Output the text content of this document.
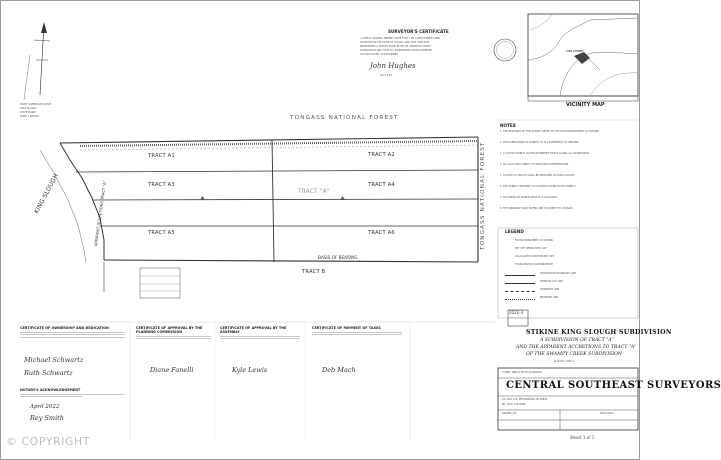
NORTH AMERICAN DATUM
1983 ALASKA
STATE PLANE
ZONE 1 DATUM
SURVEYOR'S CERTIFICATE
I, JOHN S. HUGHES, HEREBY STATE THAT I AM A REGISTERED LAND
SURVEYOR IN THE STATE OF ALASKA AND THAT THIS PLAT
REPRESENTS A SURVEY MADE BY ME OR UNDER MY DIRECT
SUPERVISION AND THAT ALL MONUMENTS SHOWN HEREON
ACTUALLY EXIST AS DESCRIBED
John Hughes
LS-7711
THIS SURVEY
VICINITY MAP
TONGASS NATIONAL FOREST
TONGASS NATIONAL FOREST
KING SLOUGH	APPARENT ACCRETIONS TRACT "A"
TRACT A1	TRACT A2
TRACT A3	TRACT A4
TRACT A5	TRACT A6
TRACT "A"
TRACT B
BASIS OF BEARING
NOTES
1. THE BEARINGS OF THIS SURVEY REFER TO THE PLAT MONUMENTED AS SHOWN.
2. THIS SUBDIVISION IS SUBJECT TO ALL EASEMENTS OF RECORD.
3. A 33 FOOT PUBLIC ACCESS EASEMENT EXISTS ALONG ALL BOUNDARIES.
4. ALL LOTS ARE SUBJECT TO WETLAND DETERMINATION.
5. ACCESS TO TRACTS SHALL BE PROVIDED VIA KING SLOUGH.
6. THE SUBJECT PROPERTY IS LOCATED WITHIN FLOOD ZONE D.
7. NO WATER OR SEWER SERVICE IS AVAILABLE.
8. THE ORDINARY HIGH WATER LINE IS SUBJECT TO CHANGE.
LEGEND
FOUND MONUMENT AS SHOWN
SET 5/8" REBAR WITH CAP
CALCULATED POSITION NOT SET
FOUND BRASS CAP MONUMENT
SUBDIVISION BOUNDARY LINE
INTERIOR LOT LINE
EASEMENT LINE
MEANDER LINE
2022-3
STIKINE KING SLOUGH SUBDIVISION
A SUBDIVISION OF TRACT "A"
AND THE APPARENT ACCRETIONS TO TRACT "A"
OF THE SWAMPY CREEK SUBDIVISION
PLAT NO. 2006-2
CLIENT: MIKE & RUTH SCHWARTZ
CENTRAL SOUTHEAST SURVEYORS
P.O. BOX 532, PETERSBURG AK 99833
PH. (907) 518-9036
DRAWN: JSH	08/30/2021
Sheet 1 of 1
CERTIFICATE OF OWNERSHIP AND DEDICATION
Michael Schwartz
Ruth Schwartz
NOTARY'S ACKNOWLEDGEMENT
April 2022
Rey Smith
CERTIFICATE OF APPROVAL BY THE PLANNING COMMISSION
Diane Fanelli
CERTIFICATE OF APPROVAL BY THE ASSEMBLY
Kyle Lewis
CERTIFICATE OF PAYMENT OF TAXES
Deb Mach
© COPYRIGHT
